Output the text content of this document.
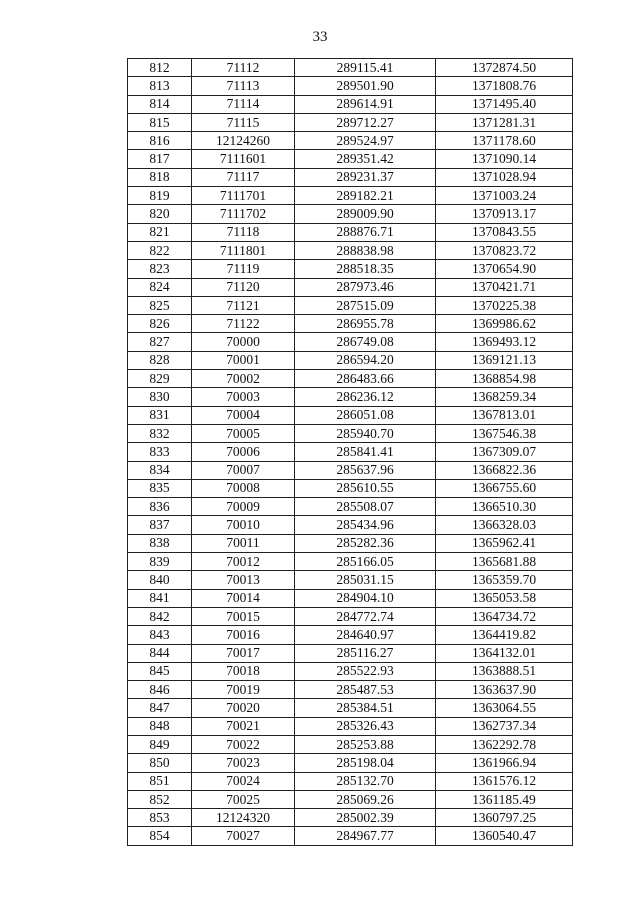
33
812	71112	289115.41	1372874.50
813	71113	289501.90	1371808.76
814	71114	289614.91	1371495.40
815	71115	289712.27	1371281.31
816	12124260	289524.97	1371178.60
817	7111601	289351.42	1371090.14
818	71117	289231.37	1371028.94
819	7111701	289182.21	1371003.24
820	7111702	289009.90	1370913.17
821	71118	288876.71	1370843.55
822	7111801	288838.98	1370823.72
823	71119	288518.35	1370654.90
824	71120	287973.46	1370421.71
825	71121	287515.09	1370225.38
826	71122	286955.78	1369986.62
827	70000	286749.08	1369493.12
828	70001	286594.20	1369121.13
829	70002	286483.66	1368854.98
830	70003	286236.12	1368259.34
831	70004	286051.08	1367813.01
832	70005	285940.70	1367546.38
833	70006	285841.41	1367309.07
834	70007	285637.96	1366822.36
835	70008	285610.55	1366755.60
836	70009	285508.07	1366510.30
837	70010	285434.96	1366328.03
838	70011	285282.36	1365962.41
839	70012	285166.05	1365681.88
840	70013	285031.15	1365359.70
841	70014	284904.10	1365053.58
842	70015	284772.74	1364734.72
843	70016	284640.97	1364419.82
844	70017	285116.27	1364132.01
845	70018	285522.93	1363888.51
846	70019	285487.53	1363637.90
847	70020	285384.51	1363064.55
848	70021	285326.43	1362737.34
849	70022	285253.88	1362292.78
850	70023	285198.04	1361966.94
851	70024	285132.70	1361576.12
852	70025	285069.26	1361185.49
853	12124320	285002.39	1360797.25
854	70027	284967.77	1360540.47
